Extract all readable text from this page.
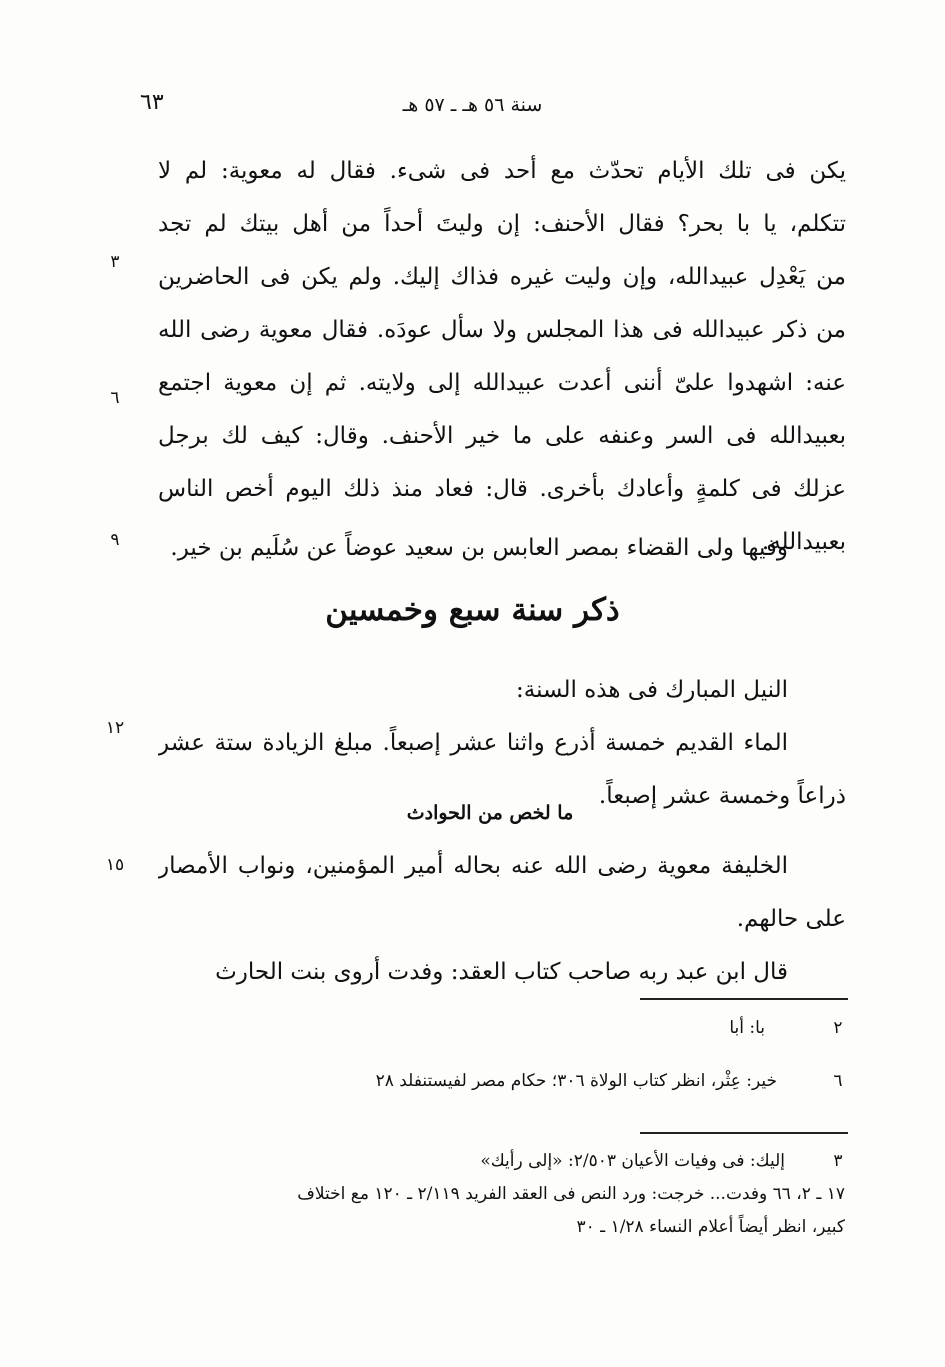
سنة ٥٦ هـ ـ ٥٧ هـ
٦٣
يكن فى تلك الأيام تحدّث مع أحد فى شىء. فقال له معوية: لم لا
تتكلم، يا با بحر؟ فقال الأحنف: إن وليتَ أحداً من أهل بيتك لم تجد
من يَعْدِل عبيدالله، وإن وليت غيره فذاك إليك. ولم يكن فى الحاضرين
من ذكر عبيدالله فى هذا المجلس ولا سأل عودَه. فقال معوية رضى الله
عنه: اشهدوا علىّ أننى أعدت عبيدالله إلى ولايته. ثم إن معوية اجتمع
بعبيدالله فى السر وعنفه على ما خير الأحنف. وقال: كيف لك برجل
عزلك فى كلمةٍ وأعادك بأخرى. قال: فعاد منذ ذلك اليوم أخص الناس
بعبيدالله.
وفيها ولى القضاء بمصر العابس بن سعيد عوضاً عن سُلَيم بن خير.
ذكر سنة سبع وخمسين
النيل المبارك فى هذه السنة:
الماء القديم خمسة أذرع واثنا عشر إصبعاً. مبلغ الزيادة ستة عشر
ذراعاً وخمسة عشر إصبعاً.
ما لخص من الحوادث
الخليفة معوية رضى الله عنه بحاله أمير المؤمنين، ونواب الأمصار
على حالهم.
قال ابن عبد ربه صاحب كتاب العقد: وفدت أروى بنت الحارث
٣
٦
٩
١٢
١٥
٢
با: أبا
٦
خير: عِثْر، انظر كتاب الولاة ٣٠٦؛ حكام مصر لفيستنفلد ٢٨
٣
إليك: فى وفيات الأعيان ٢/٥٠٣: «إلى رأيك»
١٧ ـ ٢، ٦٦ وفدت... خرجت: ورد النص فى العقد الفريد ٢/١١٩ ـ ١٢٠ مع اختلاف
كبير، انظر أيضاً أعلام النساء ١/٢٨ ـ ٣٠
